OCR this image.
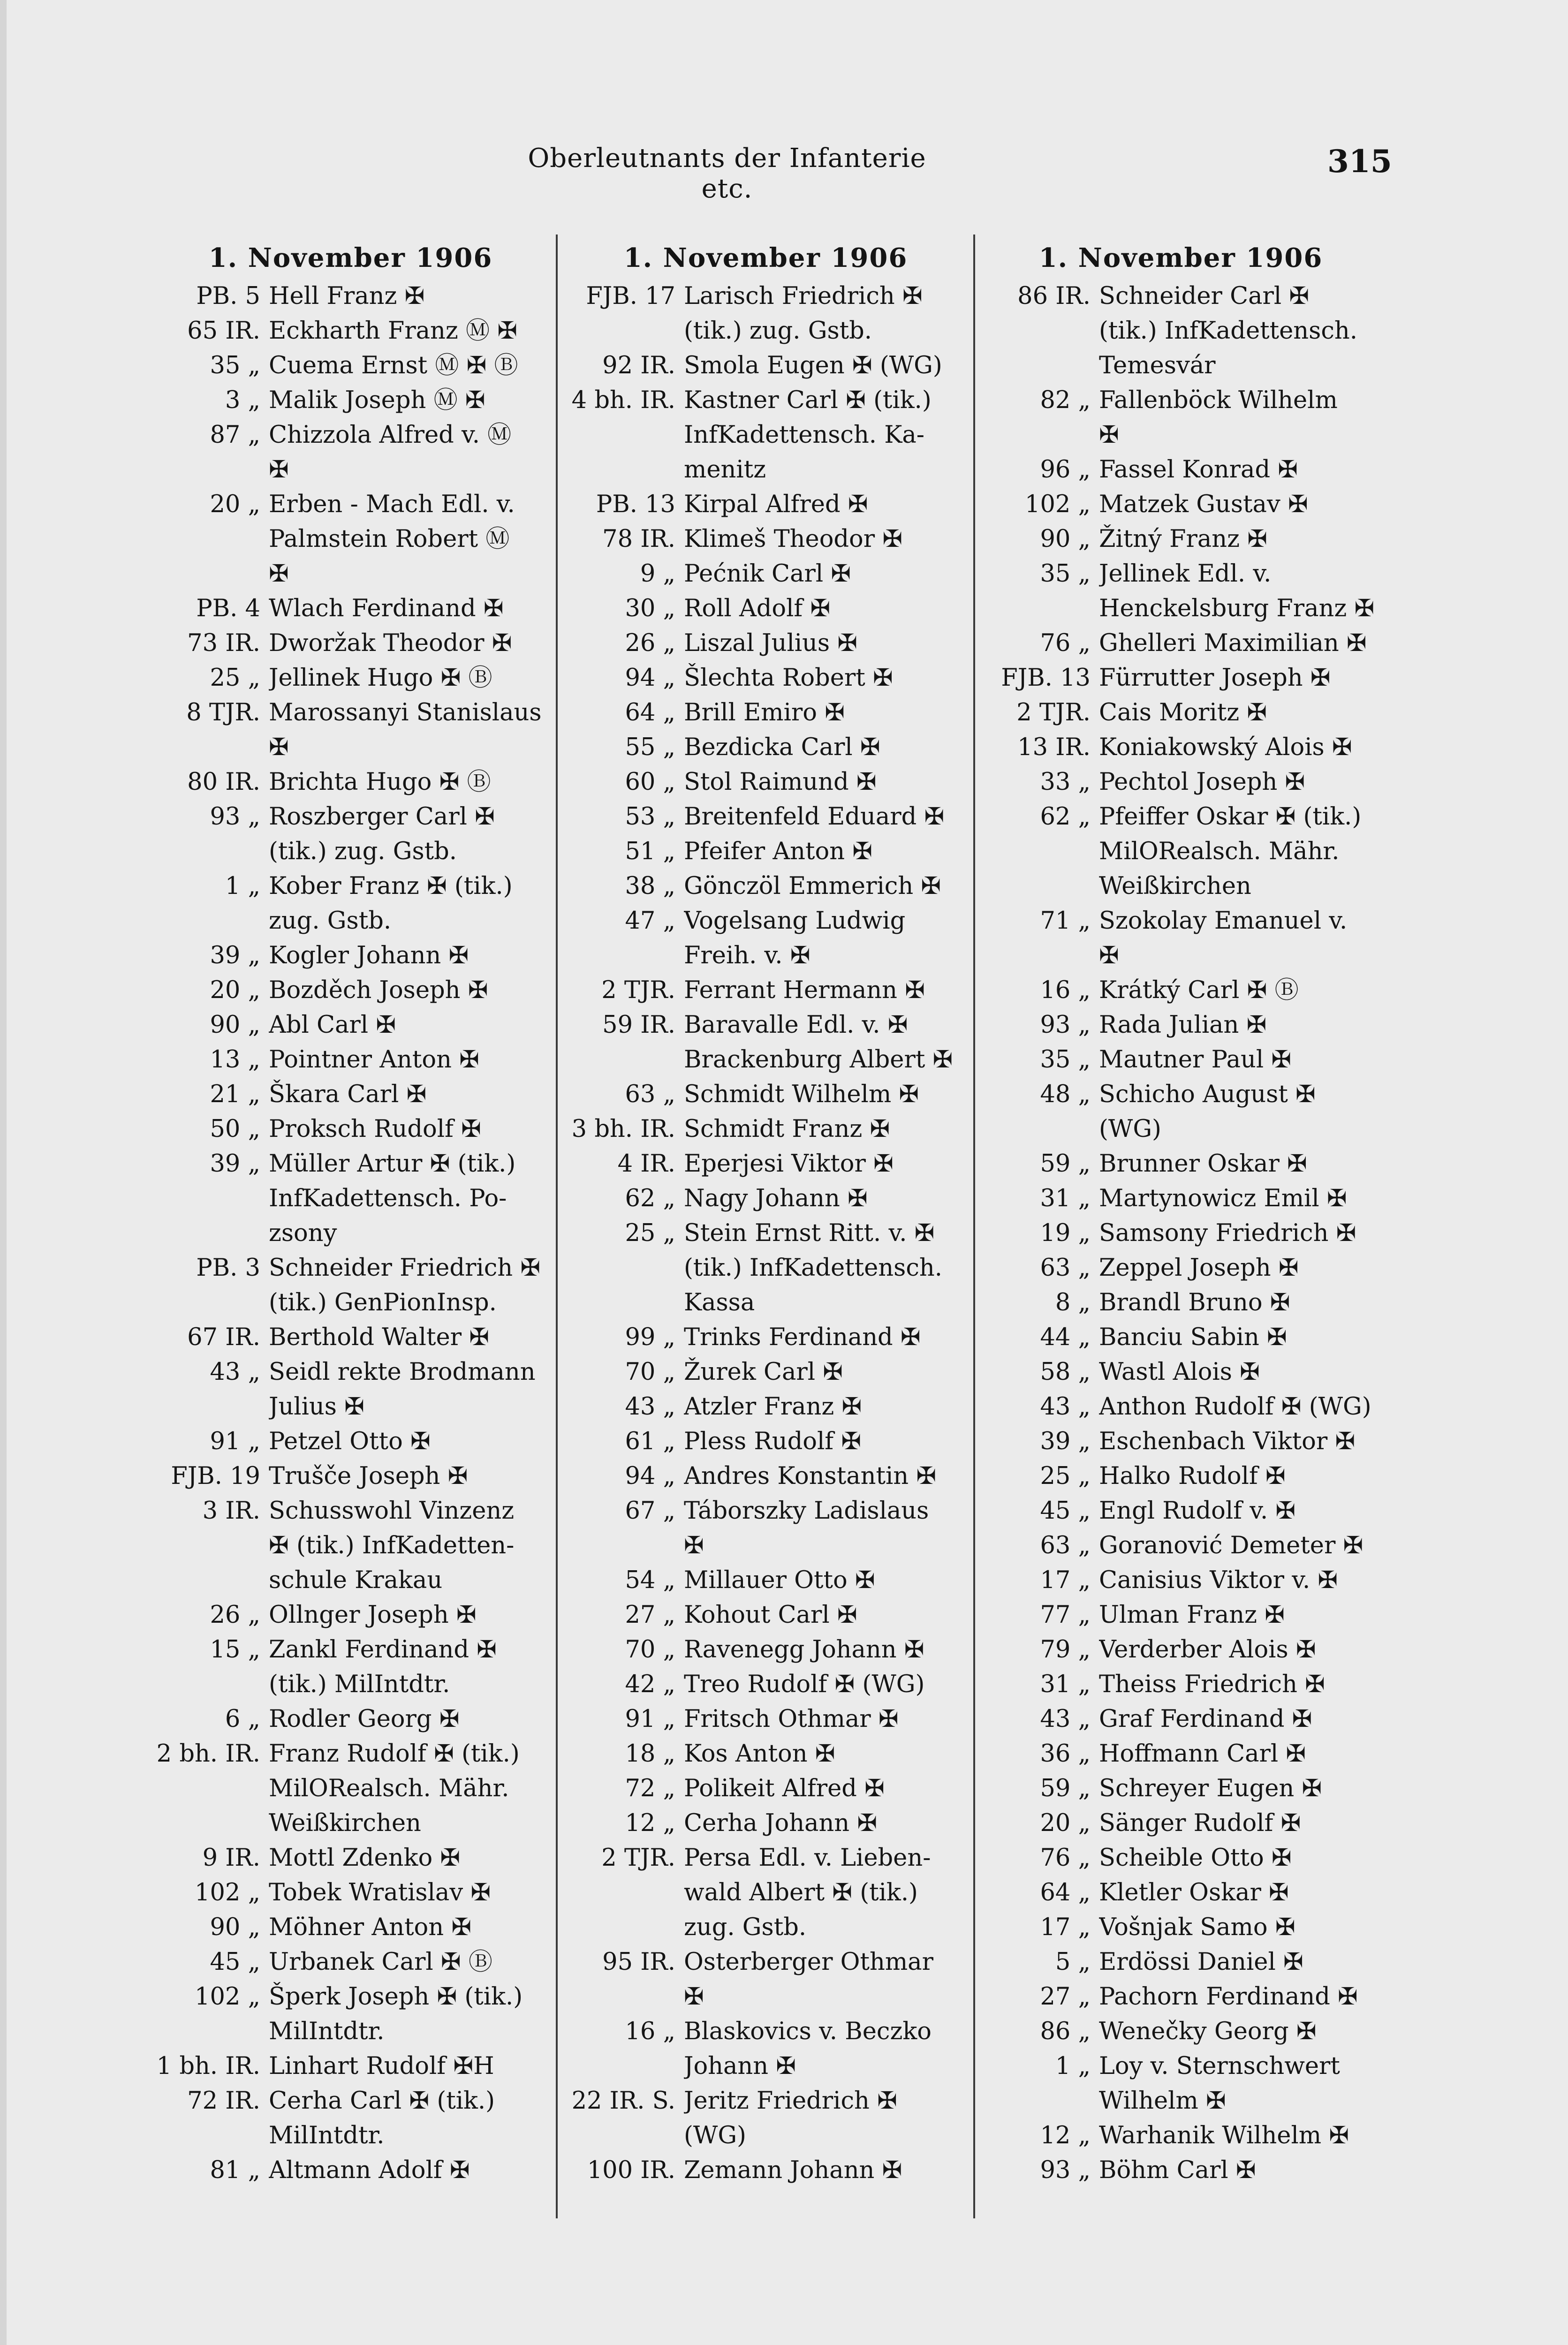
Oberleutnants der Infanterie etc.
315
1. November 1906
PB. 5 Hell Franz ✠
65 IR. Eckharth Franz Ⓜ ✠
35 „ Cuema Ernst Ⓜ ✠ Ⓑ
3 „ Malik Joseph Ⓜ ✠
87 „ Chizzola Alfred v. Ⓜ
✠
20 „ Erben - Mach Edl. v.
Palmstein Robert Ⓜ
✠
PB. 4 Wlach Ferdinand ✠
73 IR. Dworžak Theodor ✠
25 „ Jellinek Hugo ✠ Ⓑ
8 TJR. Marossanyi Stanislaus
✠
80 IR. Brichta Hugo ✠ Ⓑ
93 „ Roszberger Carl ✠
(tik.) zug. Gstb.
1 „ Kober Franz ✠ (tik.)
zug. Gstb.
39 „ Kogler Johann ✠
20 „ Bozděch Joseph ✠
90 „ Abl Carl ✠
13 „ Pointner Anton ✠
21 „ Škara Carl ✠
50 „ Proksch Rudolf ✠
39 „ Müller Artur ✠ (tik.)
InfKadettensch. Po-
zsony
PB. 3 Schneider Friedrich ✠
(tik.) GenPionInsp.
67 IR. Berthold Walter ✠
43 „ Seidl rekte Brodmann
Julius ✠
91 „ Petzel Otto ✠
FJB. 19 Trušče Joseph ✠
3 IR. Schusswohl Vinzenz
✠ (tik.) InfKadetten-
schule Krakau
26 „ Ollnger Joseph ✠
15 „ Zankl Ferdinand ✠
(tik.) MilIntdtr.
6 „ Rodler Georg ✠
2 bh. IR. Franz Rudolf ✠ (tik.)
MilORealsch. Mähr.
Weißkirchen
9 IR. Mottl Zdenko ✠
102 „ Tobek Wratislav ✠
90 „ Möhner Anton ✠
45 „ Urbanek Carl ✠ Ⓑ
102 „ Šperk Joseph ✠ (tik.)
MilIntdtr.
1 bh. IR. Linhart Rudolf ✠H
72 IR. Cerha Carl ✠ (tik.)
MilIntdtr.
81 „ Altmann Adolf ✠
1. November 1906
FJB. 17 Larisch Friedrich ✠
(tik.) zug. Gstb.
92 IR. Smola Eugen ✠ (WG)
4 bh. IR. Kastner Carl ✠ (tik.)
InfKadettensch. Ka-
menitz
PB. 13 Kirpal Alfred ✠
78 IR. Klimeš Theodor ✠
9 „ Pećnik Carl ✠
30 „ Roll Adolf ✠
26 „ Liszal Julius ✠
94 „ Šlechta Robert ✠
64 „ Brill Emiro ✠
55 „ Bezdicka Carl ✠
60 „ Stol Raimund ✠
53 „ Breitenfeld Eduard ✠
51 „ Pfeifer Anton ✠
38 „ Gönczöl Emmerich ✠
47 „ Vogelsang Ludwig
Freih. v. ✠
2 TJR. Ferrant Hermann ✠
59 IR. Baravalle Edl. v. ✠
Brackenburg Albert ✠
63 „ Schmidt Wilhelm ✠
3 bh. IR. Schmidt Franz ✠
4 IR. Eperjesi Viktor ✠
62 „ Nagy Johann ✠
25 „ Stein Ernst Ritt. v. ✠
(tik.) InfKadettensch.
Kassa
99 „ Trinks Ferdinand ✠
70 „ Žurek Carl ✠
43 „ Atzler Franz ✠
61 „ Pless Rudolf ✠
94 „ Andres Konstantin ✠
67 „ Táborszky Ladislaus
✠
54 „ Millauer Otto ✠
27 „ Kohout Carl ✠
70 „ Ravenegg Johann ✠
42 „ Treo Rudolf ✠ (WG)
91 „ Fritsch Othmar ✠
18 „ Kos Anton ✠
72 „ Polikeit Alfred ✠
12 „ Cerha Johann ✠
2 TJR. Persa Edl. v. Lieben-
wald Albert ✠ (tik.)
zug. Gstb.
95 IR. Osterberger Othmar
✠
16 „ Blaskovics v. Beczko
Johann ✠
22 IR. S. Jeritz Friedrich ✠
(WG)
100 IR. Zemann Johann ✠
1. November 1906
86 IR. Schneider Carl ✠
(tik.) InfKadettensch.
Temesvár
82 „ Fallenböck Wilhelm
✠
96 „ Fassel Konrad ✠
102 „ Matzek Gustav ✠
90 „ Žitný Franz ✠
35 „ Jellinek Edl. v.
Henckelsburg Franz ✠
76 „ Ghelleri Maximilian ✠
FJB. 13 Fürrutter Joseph ✠
2 TJR. Cais Moritz ✠
13 IR. Koniakowský Alois ✠
33 „ Pechtol Joseph ✠
62 „ Pfeiffer Oskar ✠ (tik.)
MilORealsch. Mähr.
Weißkirchen
71 „ Szokolay Emanuel v.
✠
16 „ Krátký Carl ✠ Ⓑ
93 „ Rada Julian ✠
35 „ Mautner Paul ✠
48 „ Schicho August ✠
(WG)
59 „ Brunner Oskar ✠
31 „ Martynowicz Emil ✠
19 „ Samsony Friedrich ✠
63 „ Zeppel Joseph ✠
8 „ Brandl Bruno ✠
44 „ Banciu Sabin ✠
58 „ Wastl Alois ✠
43 „ Anthon Rudolf ✠ (WG)
39 „ Eschenbach Viktor ✠
25 „ Halko Rudolf ✠
45 „ Engl Rudolf v. ✠
63 „ Goranović Demeter ✠
17 „ Canisius Viktor v. ✠
77 „ Ulman Franz ✠
79 „ Verderber Alois ✠
31 „ Theiss Friedrich ✠
43 „ Graf Ferdinand ✠
36 „ Hoffmann Carl ✠
59 „ Schreyer Eugen ✠
20 „ Sänger Rudolf ✠
76 „ Scheible Otto ✠
64 „ Kletler Oskar ✠
17 „ Vošnjak Samo ✠
5 „ Erdössi Daniel ✠
27 „ Pachorn Ferdinand ✠
86 „ Wenečky Georg ✠
1 „ Loy v. Sternschwert
Wilhelm ✠
12 „ Warhanik Wilhelm ✠
93 „ Böhm Carl ✠
